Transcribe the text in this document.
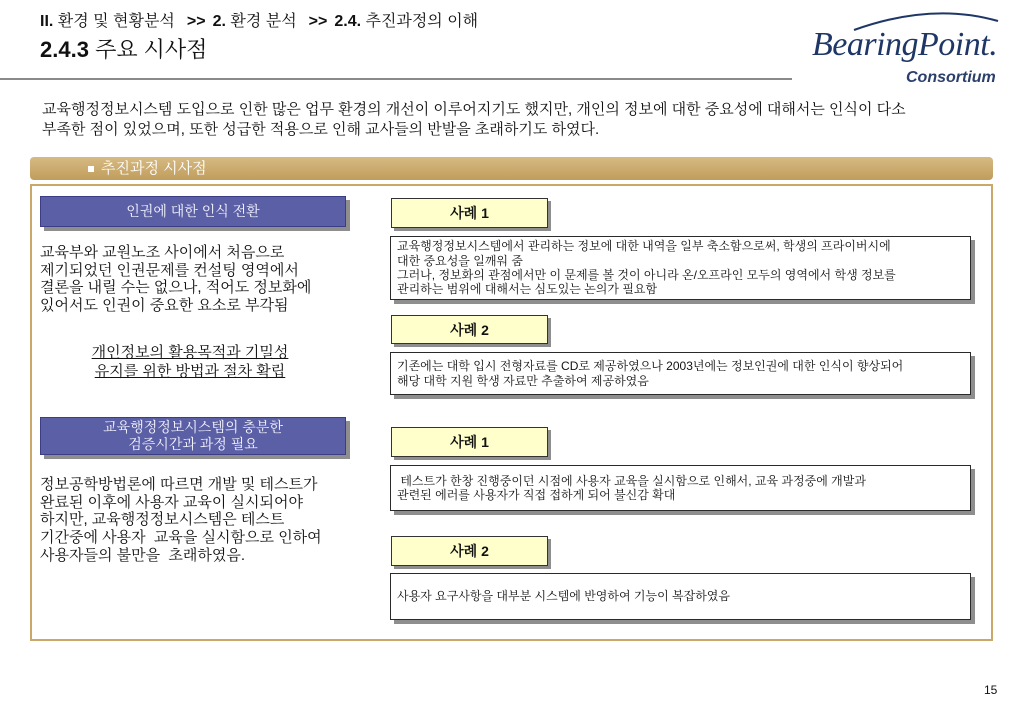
II. 환경 및 현황분석 >> 2. 환경 분석 >> 2.4. 추진과정의 이해
2.4.3 주요 시사점	BearingPoint.
Consortium
교육행정정보시스템 도입으로 인한 많은 업무 환경의 개선이 이루어지기도 했지만, 개인의 정보에 대한 중요성에 대해서는 인식이 다소
부족한 점이 있었으며, 또한 성급한 적용으로 인해 교사들의 반발을 초래하기도 하였다.
추진과정 시사점
인권에 대한 인식 전환
교육부와 교원노조 사이에서 처음으로
제기되었던 인권문제를 컨설팅 영역에서
결론을 내릴 수는 없으나, 적어도 정보화에
있어서도 인권이 중요한 요소로 부각됨
개인정보의 활용목적과 기밀성
유지를 위한 방법과 절차 확립
사례 1
교육행정정보시스템에서 관리하는 정보에 대한 내역을 일부 축소함으로써, 학생의 프라이버시에
대한 중요성을 일깨워 줌
그러나, 정보화의 관점에서만 이 문제를 볼 것이 아니라 온/오프라인 모두의 영역에서 학생 정보를
관리하는 범위에 대해서는 심도있는 논의가 필요함
사례 2
기존에는 대학 입시 전형자료를 CD로 제공하였으나 2003년에는 정보인권에 대한 인식이 향상되어
해당 대학 지원 학생 자료만 추출하여 제공하였음
교육행정정보시스템의 충분한
검증시간과 과정 필요
정보공학방법론에 따르면 개발 및 테스트가
완료된 이후에 사용자 교육이 실시되어야
하지만, 교육행정정보시스템은 테스트
기간중에 사용자  교육을 실시함으로 인하여
사용자들의 불만을  초래하였음.
사례 1
테스트가 한창 진행중이던 시점에 사용자 교육을 실시함으로 인해서, 교육 과정중에 개발과
관련된 에러를 사용자가 직접 접하게 되어 불신감 확대
사례 2
사용자 요구사항을 대부분 시스템에 반영하여 기능이 복잡하였음
15
